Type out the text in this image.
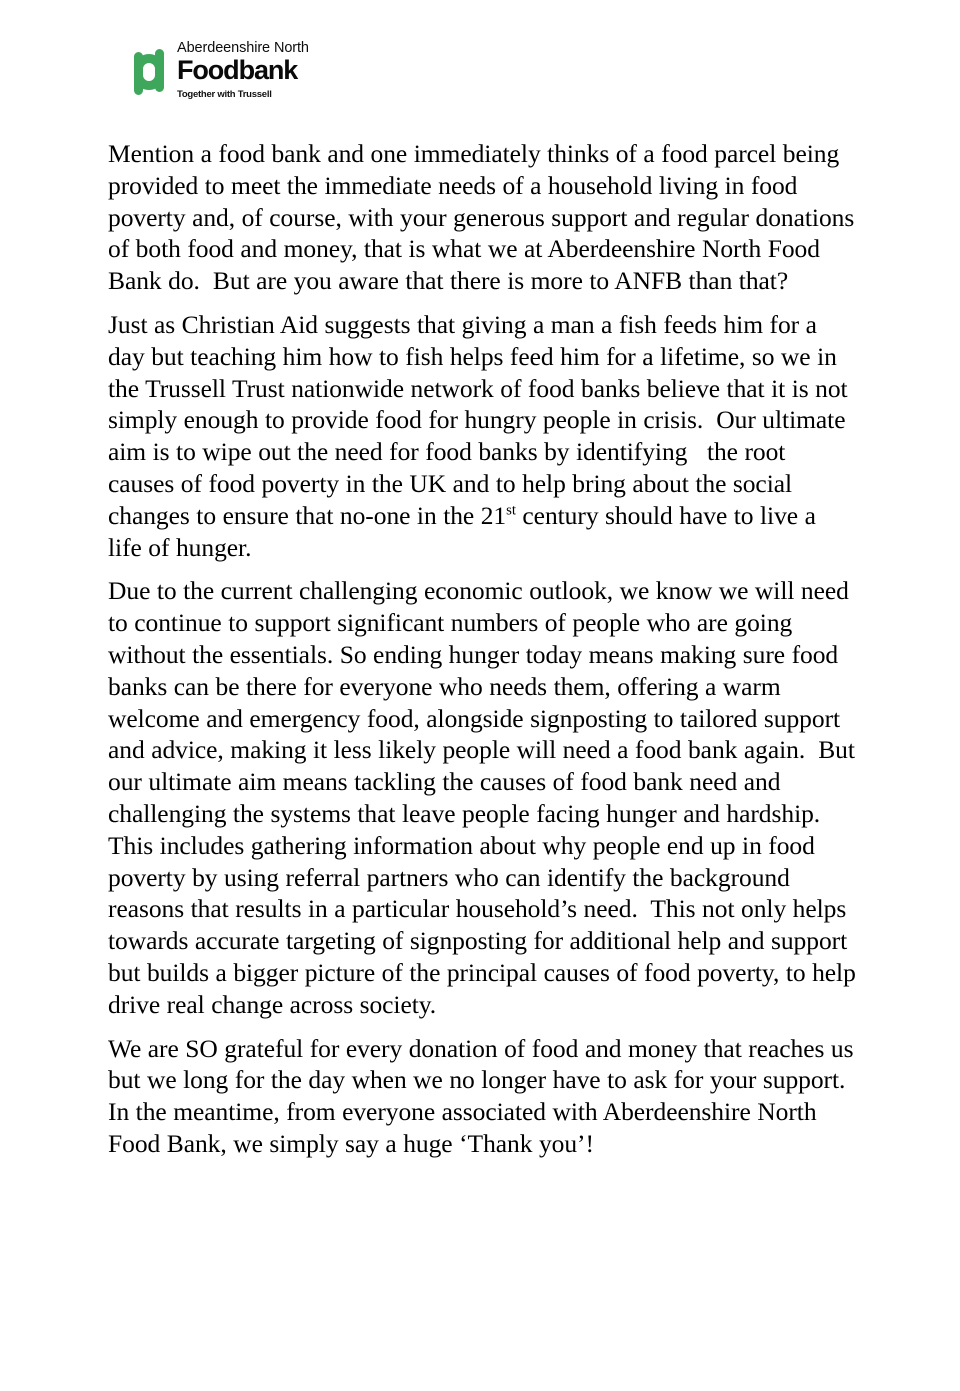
Aberdeenshire North
Foodbank
Together with Trussell

Mention a food bank and one immediately thinks of a food parcel being provided to meet the immediate needs of a household living in food poverty and, of course, with your generous support and regular donations of both food and money, that is what we at Aberdeenshire North Food Bank do.  But are you aware that there is more to ANFB than that?

Just as Christian Aid suggests that giving a man a fish feeds him for a day but teaching him how to fish helps feed him for a lifetime, so we in the Trussell Trust nationwide network of food banks believe that it is not simply enough to provide food for hungry people in crisis.  Our ultimate aim is to wipe out the need for food banks by identifying   the root causes of food poverty in the UK and to help bring about the social changes to ensure that no-one in the 21st century should have to live a life of hunger.

Due to the current challenging economic outlook, we know we will need to continue to support significant numbers of people who are going without the essentials. So ending hunger today means making sure food banks can be there for everyone who needs them, offering a warm welcome and emergency food, alongside signposting to tailored support and advice, making it less likely people will need a food bank again.  But our ultimate aim means tackling the causes of food bank need and challenging the systems that leave people facing hunger and hardship. This includes gathering information about why people end up in food poverty by using referral partners who can identify the background reasons that results in a particular household’s need.  This not only helps towards accurate targeting of signposting for additional help and support but builds a bigger picture of the principal causes of food poverty, to help drive real change across society.

We are SO grateful for every donation of food and money that reaches us but we long for the day when we no longer have to ask for your support.  In the meantime, from everyone associated with Aberdeenshire North Food Bank, we simply say a huge ‘Thank you’!
